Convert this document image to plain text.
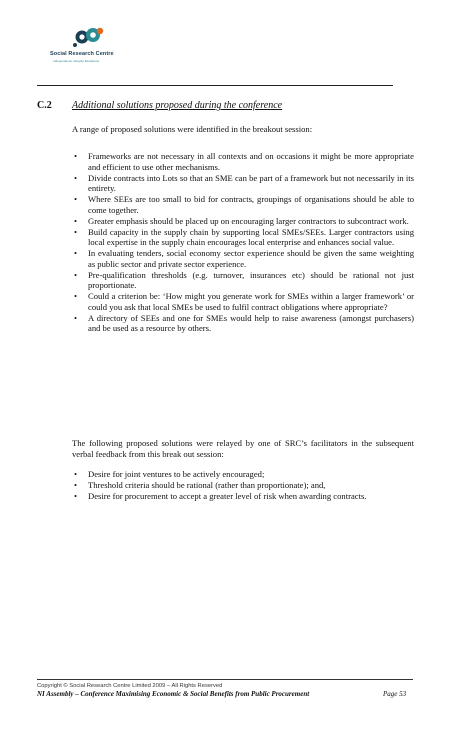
Social Research Centre
Independence·Integrity·Excellence
C.2 Additional solutions proposed during the conference
A range of proposed solutions were identified in the breakout session:
• Frameworks are not necessary in all contexts and on occasions it might be more appropriate and efficient to use other mechanisms.
• Divide contracts into Lots so that an SME can be part of a framework but not necessarily in its entirety.
• Where SEEs are too small to bid for contracts, groupings of organisations should be able to come together.
• Greater emphasis should be placed up on encouraging larger contractors to subcontract work.
• Build capacity in the supply chain by supporting local SMEs/SEEs. Larger contractors using local expertise in the supply chain encourages local enterprise and enhances social value.
• In evaluating tenders, social economy sector experience should be given the same weighting as public sector and private sector experience.
• Pre-qualification thresholds (e.g. turnover, insurances etc) should be rational not just proportionate.
• Could a criterion be: ‘How might you generate work for SMEs within a larger framework’ or could you ask that local SMEs be used to fulfil contract obligations where appropriate?
• A directory of SEEs and one for SMEs would help to raise awareness (amongst purchasers) and be used as a resource by others.
The following proposed solutions were relayed by one of SRC’s facilitators in the subsequent verbal feedback from this break out session:
• Desire for joint ventures to be actively encouraged;
• Threshold criteria should be rational (rather than proportionate); and,
• Desire for procurement to accept a greater level of risk when awarding contracts.
Copyright © Social Research Centre Limited 2009 – All Rights Reserved
NI Assembly – Conference Maximising Economic & Social Benefits from Public Procurement	Page 53
